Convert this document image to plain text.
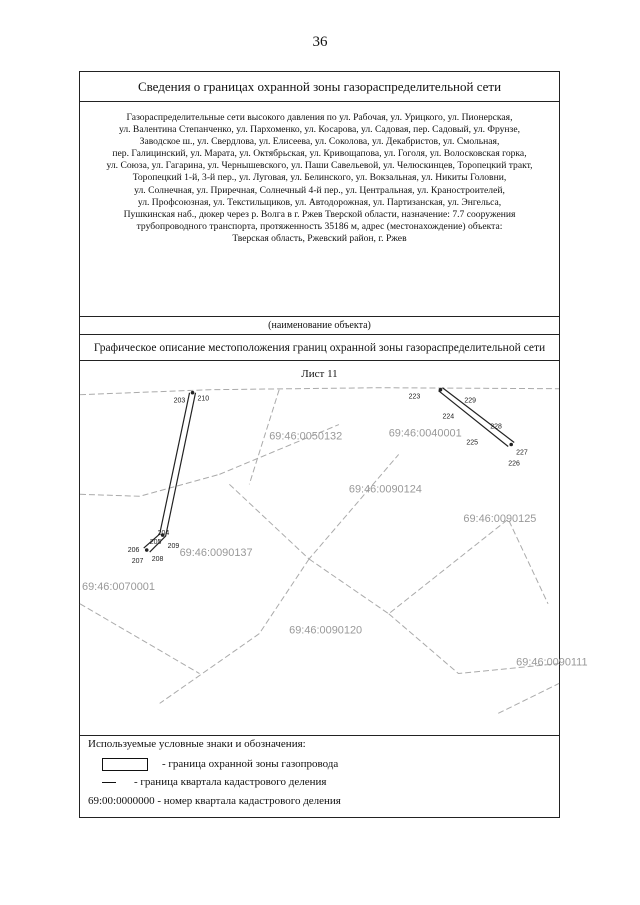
36
Сведения о границах охранной зоны газораспределительной сети
Газораспределительные сети высокого давления по ул. Рабочая, ул. Урицкого, ул. Пионерская,
ул. Валентина Степанченко, ул. Пархоменко, ул. Косарова, ул. Садовая, пер. Садовый, ул. Фрунзе,
Заводское ш., ул. Свердлова, ул. Елисеева, ул. Соколова, ул. Декабристов, ул. Смольная,
пер. Галицинский, ул. Марата, ул. Октябрьская, ул. Кривощапова, ул. Гоголя, ул. Волосковская горка,
ул. Союза, ул. Гагарина, ул. Чернышевского, ул. Паши Савельевой, ул. Челюскинцев, Торопецкий тракт,
Торопецкий 1-й, 3-й пер., ул. Луговая, ул. Белинского, ул. Вокзальная, ул. Никиты Головни,
ул. Солнечная, ул. Приречная, Солнечный 4-й пер., ул. Центральная, ул. Краностроителей,
ул. Профсоюзная, ул. Текстильщиков, ул. Автодорожная, ул. Партизанская, ул. Энгельса,
Пушкинская наб., дюкер через р. Волга в г. Ржев Тверской области, назначение: 7.7 сооружения
трубопроводного транспорта, протяженность 35186 м, адрес (местонахождение) объекта:
Тверская область, Ржевский район, г. Ржев
(наименование объекта)
Графическое описание местоположения границ охранной зоны газораспределительной сети
Лист 11
203 210	223
229
224
228
225
227
226
204
205
206
209
207 208
69:46:0050132	69:46:0040001
69:46:0090124
69:46:0090125
69:46:0090137
69:46:0090120
69:46:0090111
69:46:0070001
Используемые условные знаки и обозначения:
- граница охранной зоны газопровода
- граница квартала кадастрового деления
69:00:0000000 - номер квартала кадастрового деления
